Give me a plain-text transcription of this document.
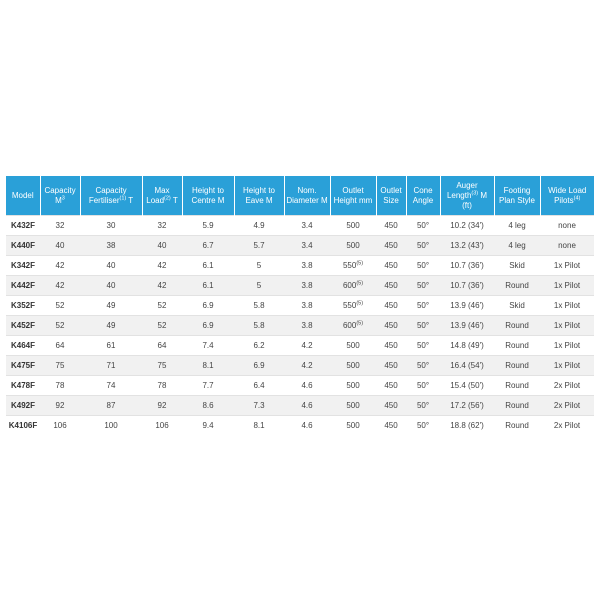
Model	Capacity $M^3$	Capacity Fertiliser$^{(1)}$ T	Max Load$^{(2)}$ T	Height to Centre M	Height to Eave M	Nom. Diameter M	Outlet Height mm	Outlet Size	Cone Angle	Auger Length$^{(3)}$ M (ft)	Footing Plan Style	Wide Load Pilots$^{(4)}$
K432F	32	30	32	5.9	4.9	3.4	500	450	50°	10.2 (34')	4 leg	none
K440F	40	38	40	6.7	5.7	3.4	500	450	50°	13.2 (43')	4 leg	none
K342F	42	40	42	6.1	5	3.8	550$^{(5)}$	450	50°	10.7 (36')	Skid	1x Pilot
K442F	42	40	42	6.1	5	3.8	600$^{(5)}$	450	50°	10.7 (36')	Round	1x Pilot
K352F	52	49	52	6.9	5.8	3.8	550$^{(5)}$	450	50°	13.9 (46')	Skid	1x Pilot
K452F	52	49	52	6.9	5.8	3.8	600$^{(5)}$	450	50°	13.9 (46')	Round	1x Pilot
K464F	64	61	64	7.4	6.2	4.2	500	450	50°	14.8 (49')	Round	1x Pilot
K475F	75	71	75	8.1	6.9	4.2	500	450	50°	16.4 (54')	Round	1x Pilot
K478F	78	74	78	7.7	6.4	4.6	500	450	50°	15.4 (50')	Round	2x Pilot
K492F	92	87	92	8.6	7.3	4.6	500	450	50°	17.2 (56')	Round	2x Pilot
K4106F	106	100	106	9.4	8.1	4.6	500	450	50°	18.8 (62')	Round	2x Pilot
